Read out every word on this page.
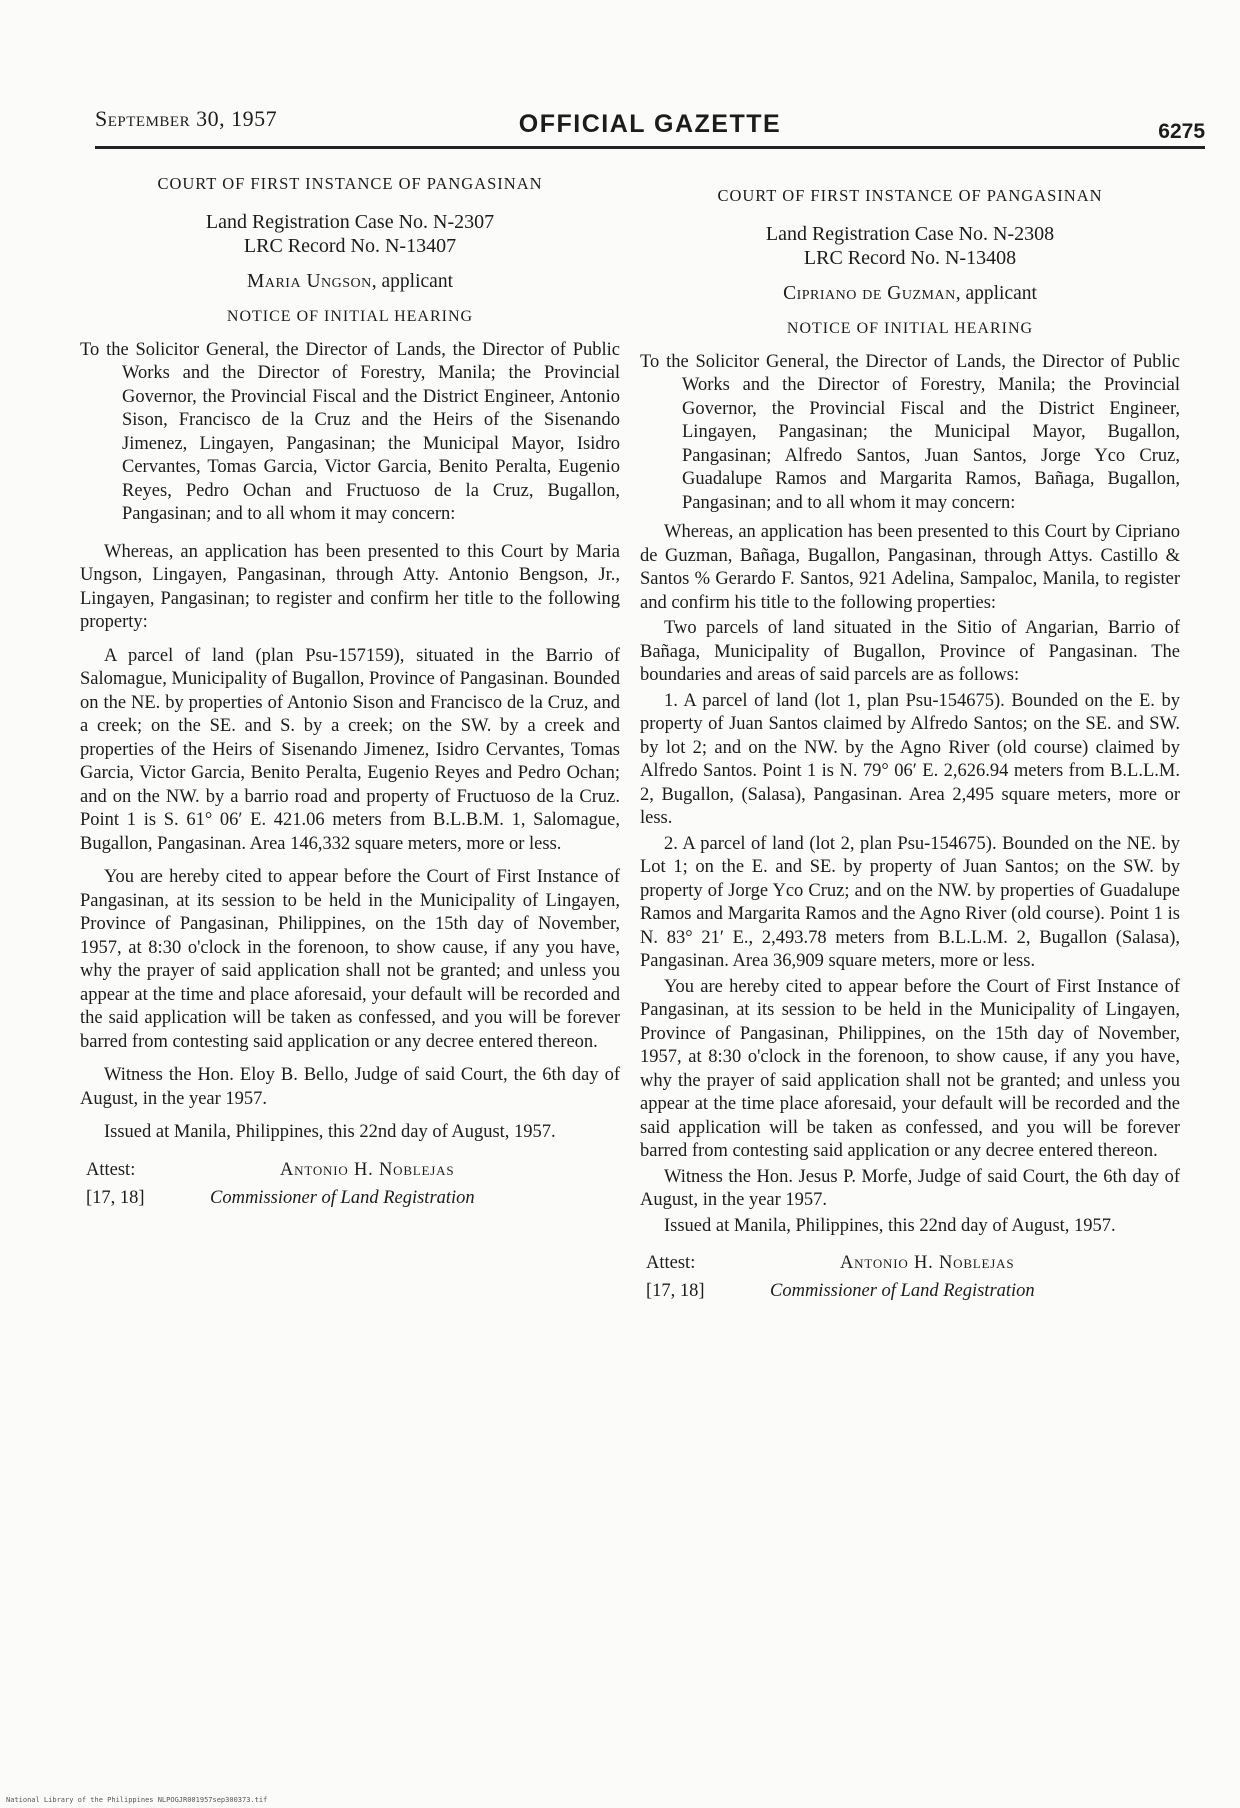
September 30, 1957	OFFICIAL GAZETTE	6275
COURT OF FIRST INSTANCE OF PANGASINAN
Land Registration Case No. N-2307
LRC Record No. N-13407
Maria Ungson, applicant
NOTICE OF INITIAL HEARING

To the Solicitor General, the Director of Lands, the Director of Public Works and the Director of Forestry, Manila; the Provincial Governor, the Provincial Fiscal and the District Engineer, Antonio Sison, Francisco de la Cruz and the Heirs of the Sisenando Jimenez, Lingayen, Pangasinan; the Municipal Mayor, Isidro Cervantes, Tomas Garcia, Victor Garcia, Benito Peralta, Eugenio Reyes, Pedro Ochan and Fructuoso de la Cruz, Bugallon, Pangasinan; and to all whom it may concern:

Whereas, an application has been presented to this Court by Maria Ungson, Lingayen, Pangasinan, through Atty. Antonio Bengson, Jr., Lingayen, Pangasinan; to register and confirm her title to the following property:

A parcel of land (plan Psu-157159), situated in the Barrio of Salomague, Municipality of Bugallon, Province of Pangasinan. Bounded on the NE. by properties of Antonio Sison and Francisco de la Cruz, and a creek; on the SE. and S. by a creek; on the SW. by a creek and properties of the Heirs of Sisenando Jimenez, Isidro Cervantes, Tomas Garcia, Victor Garcia, Benito Peralta, Eugenio Reyes and Pedro Ochan; and on the NW. by a barrio road and property of Fructuoso de la Cruz. Point 1 is S. 61° 06′ E. 421.06 meters from B.L.B.M. 1, Salomague, Bugallon, Pangasinan. Area 146,332 square meters, more or less.

You are hereby cited to appear before the Court of First Instance of Pangasinan, at its session to be held in the Municipality of Lingayen, Province of Pangasinan, Philippines, on the 15th day of November, 1957, at 8:30 o'clock in the forenoon, to show cause, if any you have, why the prayer of said application shall not be granted; and unless you appear at the time and place aforesaid, your default will be recorded and the said application will be taken as confessed, and you will be forever barred from contesting said application or any decree entered thereon.

Witness the Hon. Eloy B. Bello, Judge of said Court, the 6th day of August, in the year 1957.

Issued at Manila, Philippines, this 22nd day of August, 1957.

Attest:	Antonio H. Noblejas
[17, 18]	Commissioner of Land Registration
COURT OF FIRST INSTANCE OF PANGASINAN
Land Registration Case No. N-2308
LRC Record No. N-13408
Cipriano de Guzman, applicant
NOTICE OF INITIAL HEARING

To the Solicitor General, the Director of Lands, the Director of Public Works and the Director of Forestry, Manila; the Provincial Governor, the Provincial Fiscal and the District Engineer, Lingayen, Pangasinan; the Municipal Mayor, Bugallon, Pangasinan; Alfredo Santos, Juan Santos, Jorge Yco Cruz, Guadalupe Ramos and Margarita Ramos, Bañaga, Bugallon, Pangasinan; and to all whom it may concern:

Whereas, an application has been presented to this Court by Cipriano de Guzman, Bañaga, Bugallon, Pangasinan, through Attys. Castillo & Santos % Gerardo F. Santos, 921 Adelina, Sampaloc, Manila, to register and confirm his title to the following properties:

Two parcels of land situated in the Sitio of Angarian, Barrio of Bañaga, Municipality of Bugallon, Province of Pangasinan. The boundaries and areas of said parcels are as follows:

1. A parcel of land (lot 1, plan Psu-154675). Bounded on the E. by property of Juan Santos claimed by Alfredo Santos; on the SE. and SW. by lot 2; and on the NW. by the Agno River (old course) claimed by Alfredo Santos. Point 1 is N. 79° 06′ E. 2,626.94 meters from B.L.L.M. 2, Bugallon, (Salasa), Pangasinan. Area 2,495 square meters, more or less.

2. A parcel of land (lot 2, plan Psu-154675). Bounded on the NE. by Lot 1; on the E. and SE. by property of Juan Santos; on the SW. by property of Jorge Yco Cruz; and on the NW. by properties of Guadalupe Ramos and Margarita Ramos and the Agno River (old course). Point 1 is N. 83° 21′ E., 2,493.78 meters from B.L.L.M. 2, Bugallon (Salasa), Pangasinan. Area 36,909 square meters, more or less.

You are hereby cited to appear before the Court of First Instance of Pangasinan, at its session to be held in the Municipality of Lingayen, Province of Pangasinan, Philippines, on the 15th day of November, 1957, at 8:30 o'clock in the forenoon, to show cause, if any you have, why the prayer of said application shall not be granted; and unless you appear at the time place aforesaid, your default will be recorded and the said application will be taken as confessed, and you will be forever barred from contesting said application or any decree entered thereon.

Witness the Hon. Jesus P. Morfe, Judge of said Court, the 6th day of August, in the year 1957.

Issued at Manila, Philippines, this 22nd day of August, 1957.

Attest:	Antonio H. Noblejas
[17, 18]	Commissioner of Land Registration
National Library of the Philippines NLPOGJR001957sep300373.tif
